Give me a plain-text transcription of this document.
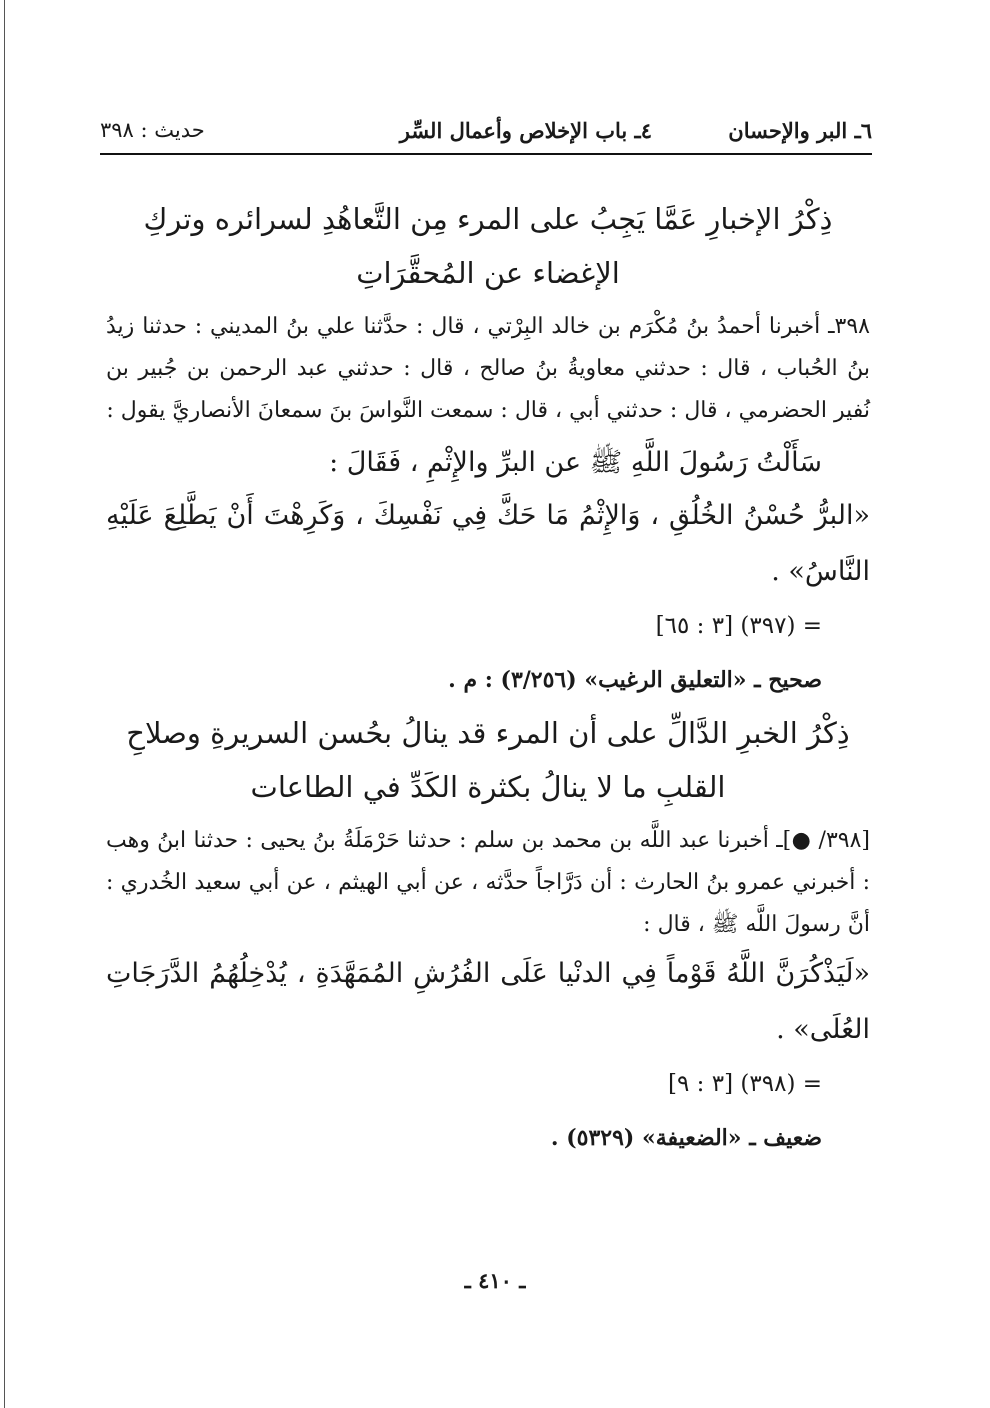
٦ـ البر والإحسان
٤ـ باب الإخلاص وأعمال السِّر
حديث : ٣٩٨
ذِكْرُ الإخبارِ عَمَّا يَجِبُ على المرء مِن التَّعاهُدِ لسرائره وتركِ الإغضاء عن المُحقَّرَاتِ

٣٩٨ـ أخبرنا أحمدُ بنُ مُكْرَم بن خالد البِرْتي ، قال : حدَّثنا علي بنُ المديني : حدثنا زيدُ بنُ الحُباب ، قال : حدثني معاويةُ بنُ صالح ، قال : حدثني عبد الرحمن بن جُبير بن نُفير الحضرمي ، قال : حدثني أبي ، قال : سمعت النَّواسَ بنَ سمعانَ الأنصاريَّ يقول :

سَأَلْتُ رَسُولَ اللَّهِ ﷺ عن البرِّ والإِثْمِ ، فَقَالَ :

«البرُّ حُسْنُ الخُلُقِ ، وَالإِثْمُ مَا حَكَّ فِي نَفْسِكَ ، وَكَرِهْتَ أَنْ يَطَّلِعَ عَلَيْهِ النَّاسُ» .

= (٣٩٧) [٣ : ٦٥]

صحيح ـ «التعليق الرغيب» (٣/٢٥٦) : م .

ذِكْرُ الخبرِ الدَّالِّ على أن المرء قد ينالُ بحُسن السريرةِ وصلاحِ القلبِ ما لا ينالُ بكثرة الكَدِّ في الطاعات

[٣٩٨/ ●]ـ أخبرنا عبد اللَّه بن محمد بن سلم : حدثنا حَرْمَلَةُ بنُ يحيى : حدثنا ابنُ وهب : أخبرني عمرو بنُ الحارث : أن دَرَّاجاً حدَّثه ، عن أبي الهيثم ، عن أبي سعيد الخُدري : أنَّ رسولَ اللَّه ﷺ ، قال :

«لَيَذْكُرَنَّ اللَّهُ قَوْماً فِي الدنْيا عَلَى الفُرُشِ المُمَهَّدَةِ ، يُدْخِلُهُمُ الدَّرَجَاتِ العُلَى» .

= (٣٩٨) [٣ : ٩]

ضعيف ـ «الضعيفة» (٥٣٢٩) .

ـ ٤١٠ ـ
